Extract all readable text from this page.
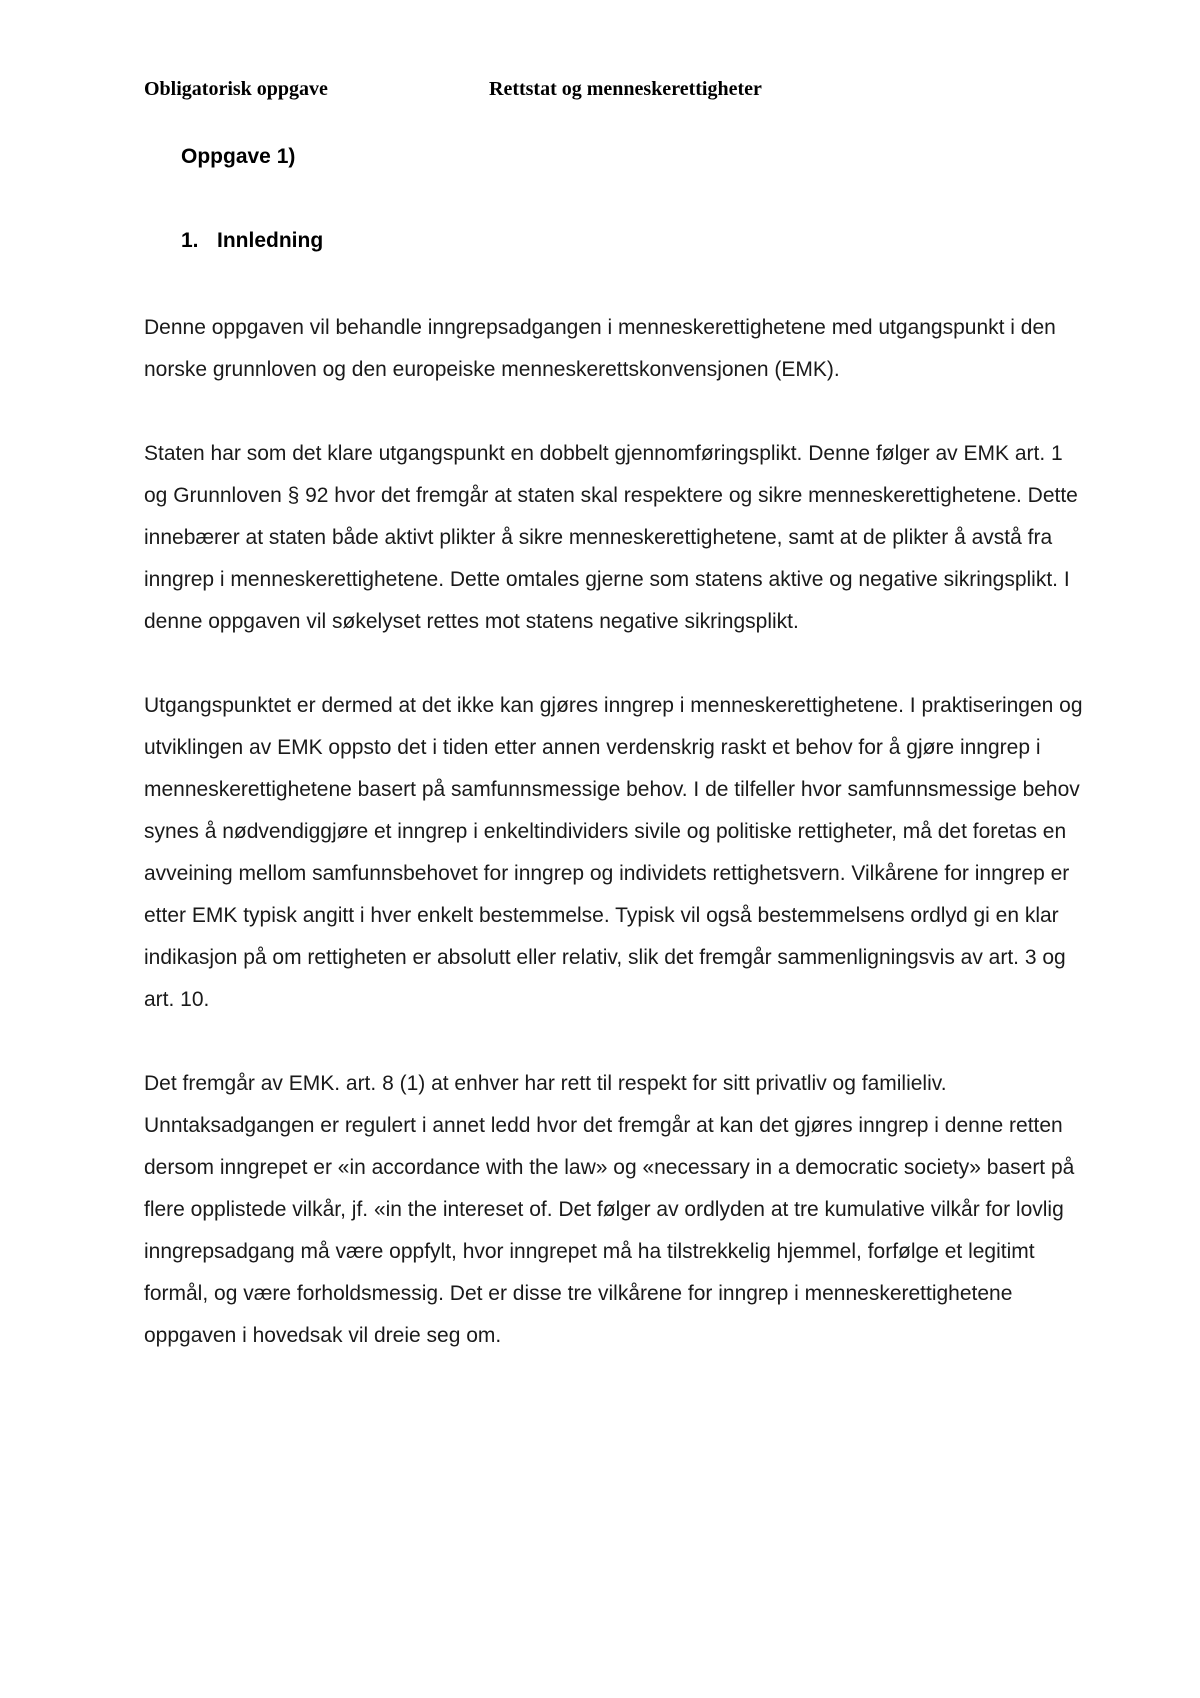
Obligatorisk oppgave	Rettstat og menneskerettigheter
Oppgave 1)
1. Innledning

Denne oppgaven vil behandle inngrepsadgangen i menneskerettighetene med utgangspunkt i den norske grunnloven og den europeiske menneskerettskonvensjonen (EMK).

Staten har som det klare utgangspunkt en dobbelt gjennomføringsplikt. Denne følger av EMK art. 1 og Grunnloven § 92 hvor det fremgår at staten skal respektere og sikre menneskerettighetene. Dette innebærer at staten både aktivt plikter å sikre menneskerettighetene, samt at de plikter å avstå fra inngrep i menneskerettighetene. Dette omtales gjerne som statens aktive og negative sikringsplikt. I denne oppgaven vil søkelyset rettes mot statens negative sikringsplikt.

Utgangspunktet er dermed at det ikke kan gjøres inngrep i menneskerettighetene. I praktiseringen og utviklingen av EMK oppsto det i tiden etter annen verdenskrig raskt et behov for å gjøre inngrep i menneskerettighetene basert på samfunnsmessige behov. I de tilfeller hvor samfunnsmessige behov synes å nødvendiggjøre et inngrep i enkeltindividers sivile og politiske rettigheter, må det foretas en avveining mellom samfunnsbehovet for inngrep og individets rettighetsvern. Vilkårene for inngrep er etter EMK typisk angitt i hver enkelt bestemmelse. Typisk vil også bestemmelsens ordlyd gi en klar indikasjon på om rettigheten er absolutt eller relativ, slik det fremgår sammenligningsvis av art. 3 og art. 10.

Det fremgår av EMK. art. 8 (1) at enhver har rett til respekt for sitt privatliv og familieliv. Unntaksadgangen er regulert i annet ledd hvor det fremgår at kan det gjøres inngrep i denne retten dersom inngrepet er «in accordance with the law» og «necessary in a democratic society» basert på flere opplistede vilkår, jf. «in the intereset of. Det følger av ordlyden at tre kumulative vilkår for lovlig inngrepsadgang må være oppfylt, hvor inngrepet må ha tilstrekkelig hjemmel, forfølge et legitimt formål, og være forholdsmessig. Det er disse tre vilkårene for inngrep i menneskerettighetene oppgaven i hovedsak vil dreie seg om.
